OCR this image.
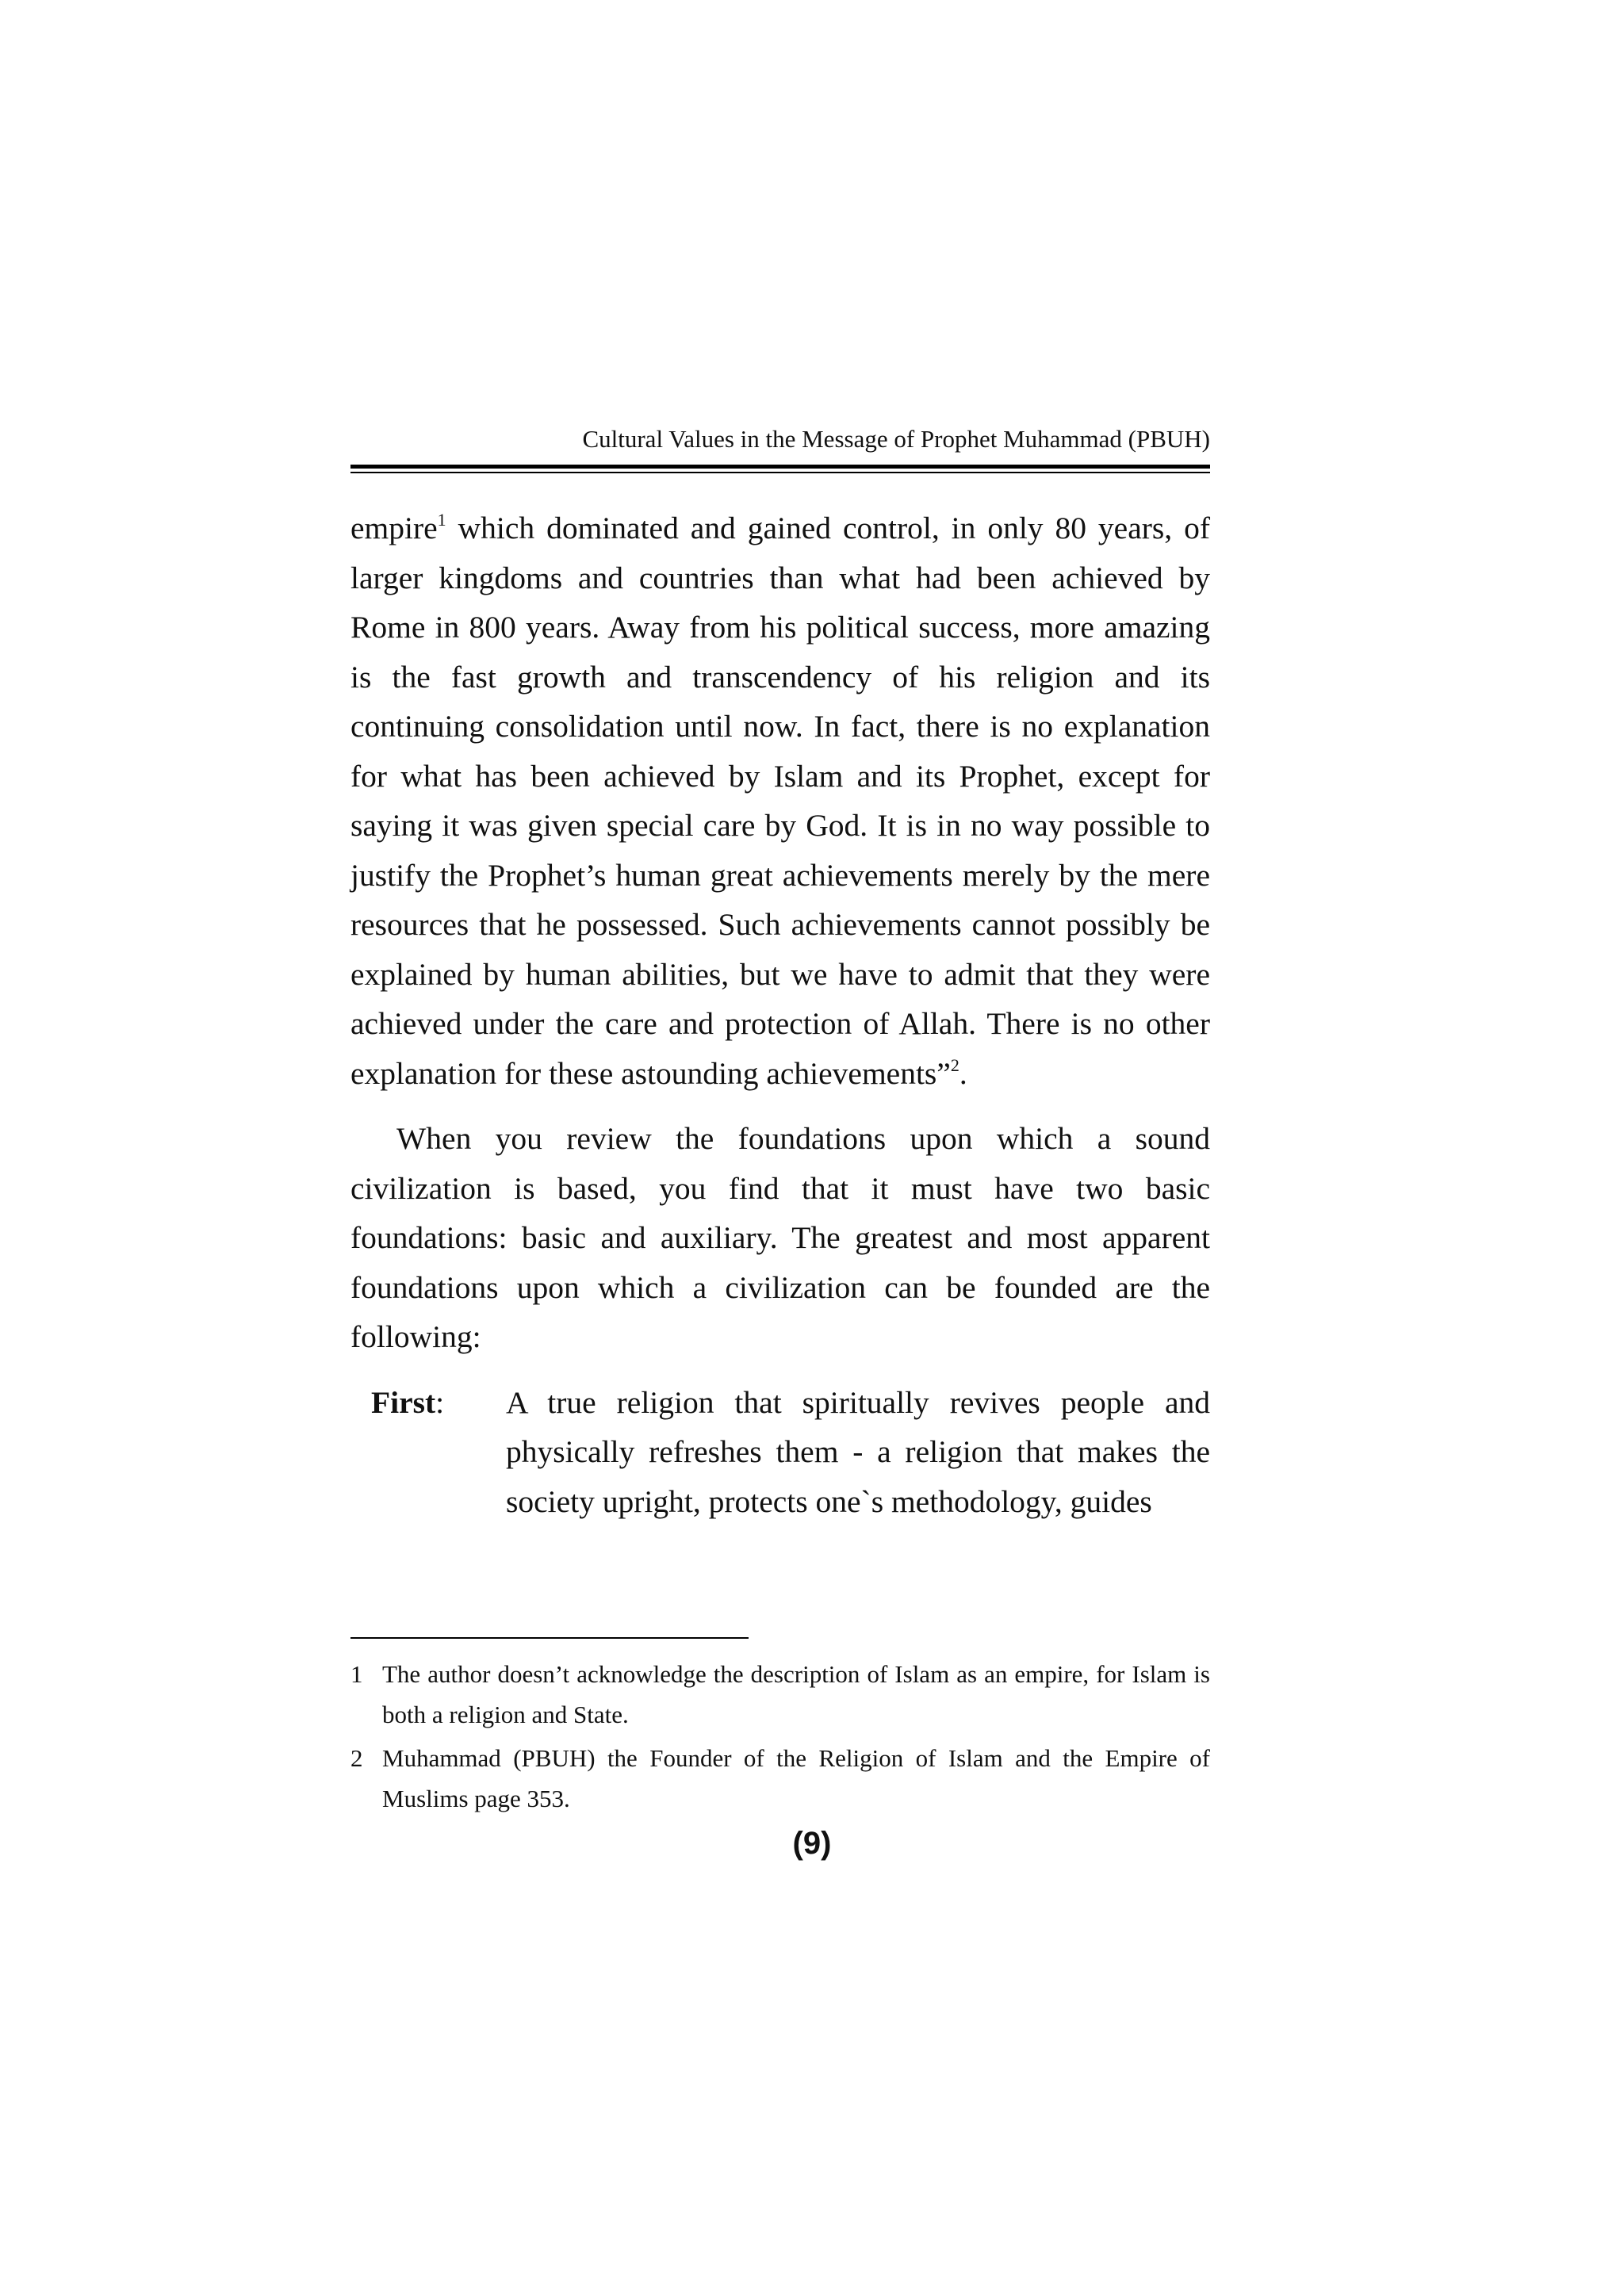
Cultural Values in the Message of Prophet Muhammad (PBUH)

empire$^1$ which dominated and gained control, in only 80 years, of larger kingdoms and countries than what had been achieved by Rome in 800 years. Away from his political success, more amazing is the fast growth and transcendency of his religion and its continuing consolidation until now. In fact, there is no explanation for what has been achieved by Islam and its Prophet, except for saying it was given special care by God. It is in no way possible to justify the Prophet’s human great achievements merely by the mere resources that he possessed. Such achievements cannot possibly be explained by human abilities, but we have to admit that they were achieved under the care and protection of Allah. There is no other explanation for these astounding achievements”$^2$.

When you review the foundations upon which a sound civilization is based, you find that it must have two basic foundations: basic and auxiliary. The greatest and most apparent foundations upon which a civilization can be founded are the following:

First:	A true religion that spiritually revives people and physically refreshes them - a religion that makes the society upright, protects one`s methodology, guides
1 The author doesn’t acknowledge the description of Islam as an empire, for Islam is both a religion and State.
2 Muhammad (PBUH) the Founder of the Religion of Islam and the Empire of Muslims page 353.
(9)
